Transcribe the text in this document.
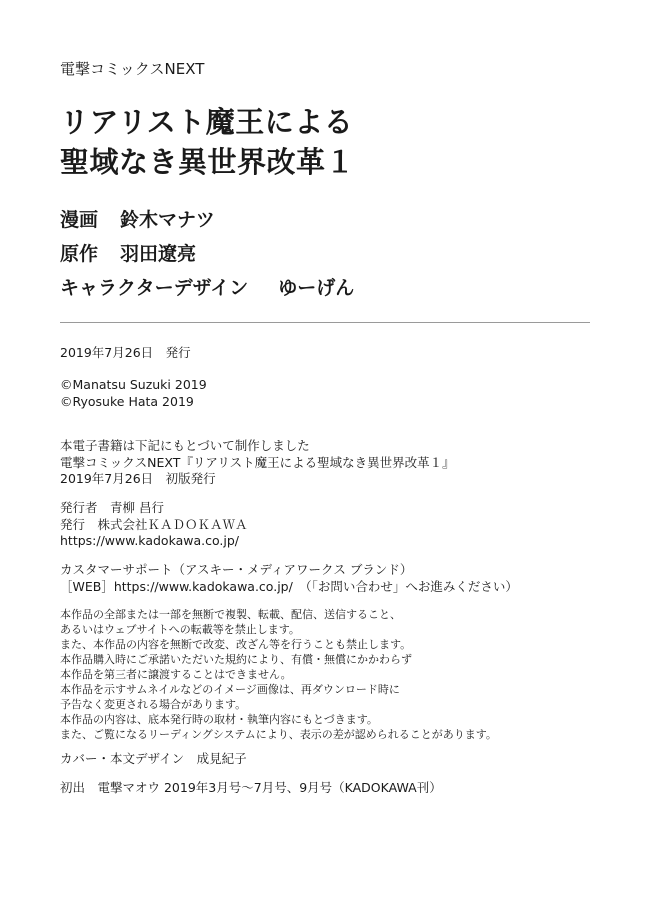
電撃コミックスNEXT
リアリスト魔王による
聖域なき異世界改革１
漫画 鈴木マナツ
原作 羽田遼亮
キャラクターデザイン ゆーげん
2019年7月26日　発行
©Manatsu Suzuki 2019
©Ryosuke Hata 2019
本電子書籍は下記にもとづいて制作しました
電撃コミックスNEXT『リアリスト魔王による聖域なき異世界改革１』
2019年7月26日　初版発行
発行者　青柳 昌行
発行　株式会社ＫＡＤＯＫＡＷＡ
https://www.kadokawa.co.jp/
カスタマーサポート（アスキー・メディアワークス ブランド）
［WEB］https://www.kadokawa.co.jp/　（「お問い合わせ」へお進みください）
本作品の全部または一部を無断で複製、転載、配信、送信すること、
あるいはウェブサイトへの転載等を禁止します。
また、本作品の内容を無断で改変、改ざん等を行うことも禁止します。
本作品購入時にご承諾いただいた規約により、有償・無償にかかわらず
本作品を第三者に譲渡することはできません。
本作品を示すサムネイルなどのイメージ画像は、再ダウンロード時に
予告なく変更される場合があります。
本作品の内容は、底本発行時の取材・執筆内容にもとづきます。
また、ご覧になるリーディングシステムにより、表示の差が認められることがあります。
カバー・本文デザイン　成見紀子
初出　電撃マオウ 2019年3月号〜7月号、9月号（KADOKAWA刊）
